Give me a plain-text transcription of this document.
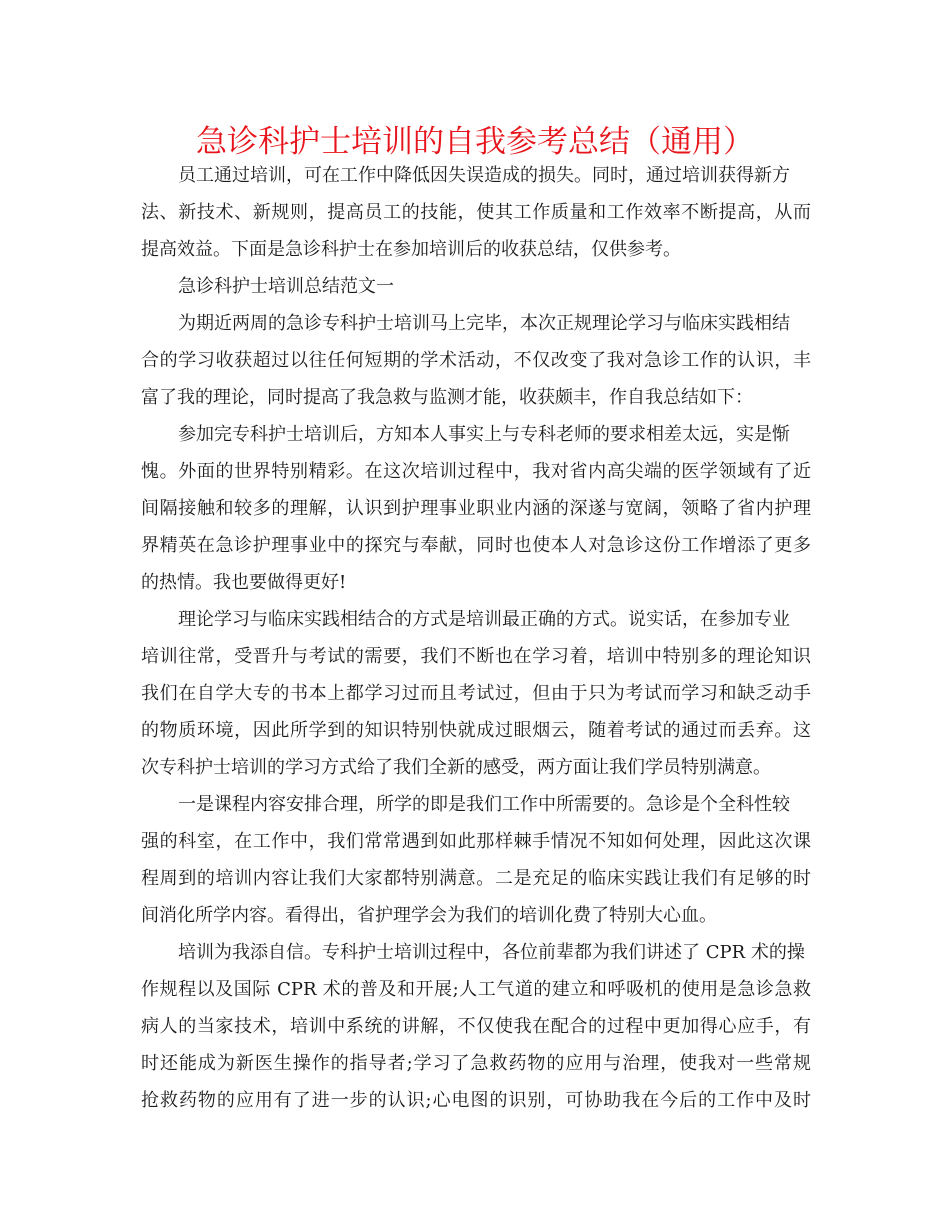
急诊科护士培训的自我参考总结（通用）
员工通过培训，可在工作中降低因失误造成的损失。同时，通过培训获得新方
法、新技术、新规则，提高员工的技能，使其工作质量和工作效率不断提高，从而
提高效益。下面是急诊科护士在参加培训后的收获总结，仅供参考。
急诊科护士培训总结范文一
为期近两周的急诊专科护士培训马上完毕，本次正规理论学习与临床实践相结
合的学习收获超过以往任何短期的学术活动，不仅改变了我对急诊工作的认识，丰
富了我的理论，同时提高了我急救与监测才能，收获颇丰，作自我总结如下：
参加完专科护士培训后，方知本人事实上与专科老师的要求相差太远，实是惭
愧。外面的世界特别精彩。在这次培训过程中，我对省内高尖端的医学领域有了近
间隔接触和较多的理解，认识到护理事业职业内涵的深遂与宽阔，领略了省内护理
界精英在急诊护理事业中的探究与奉献，同时也使本人对急诊这份工作增添了更多
的热情。我也要做得更好!
理论学习与临床实践相结合的方式是培训最正确的方式。说实话，在参加专业
培训往常，受晋升与考试的需要，我们不断也在学习着，培训中特别多的理论知识
我们在自学大专的书本上都学习过而且考试过，但由于只为考试而学习和缺乏动手
的物质环境，因此所学到的知识特别快就成过眼烟云，随着考试的通过而丢弃。这
次专科护士培训的学习方式给了我们全新的感受，两方面让我们学员特别满意。
一是课程内容安排合理，所学的即是我们工作中所需要的。急诊是个全科性较
强的科室，在工作中，我们常常遇到如此那样棘手情况不知如何处理，因此这次课
程周到的培训内容让我们大家都特别满意。二是充足的临床实践让我们有足够的时
间消化所学内容。看得出，省护理学会为我们的培训化费了特别大心血。
培训为我添自信。专科护士培训过程中，各位前辈都为我们讲述了 CPR 术的操
作规程以及国际 CPR 术的普及和开展;人工气道的建立和呼吸机的使用是急诊急救
病人的当家技术，培训中系统的讲解，不仅使我在配合的过程中更加得心应手，有
时还能成为新医生操作的指导者;学习了急救药物的应用与治理，使我对一些常规
抢救药物的应用有了进一步的认识;心电图的识别，可协助我在今后的工作中及时
